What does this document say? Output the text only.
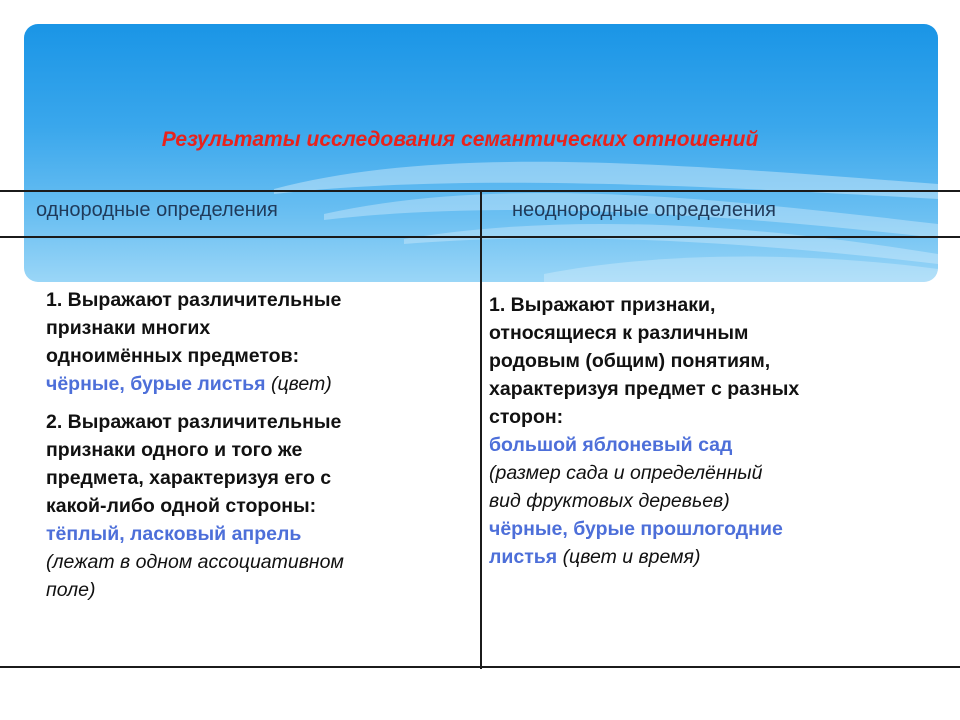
Результаты исследования семантических отношений
однородные определения	неоднородные определения

1. Выражают различительные

признаки многих

одноимённых предметов:

чёрные, бурые листья (цвет)

2. Выражают различительные

признаки одного и того же

предмета, характеризуя его с

какой-либо одной стороны:

тёплый, ласковый апрель

(лежат в одном ассоциативном

поле)

1. Выражают признаки,

относящиеся к различным

родовым (общим) понятиям,

характеризуя предмет с разных

сторон:

большой яблоневый сад

(размер сада и определённый

вид фруктовых деревьев)

чёрные, бурые прошлогодние

листья (цвет и время)
